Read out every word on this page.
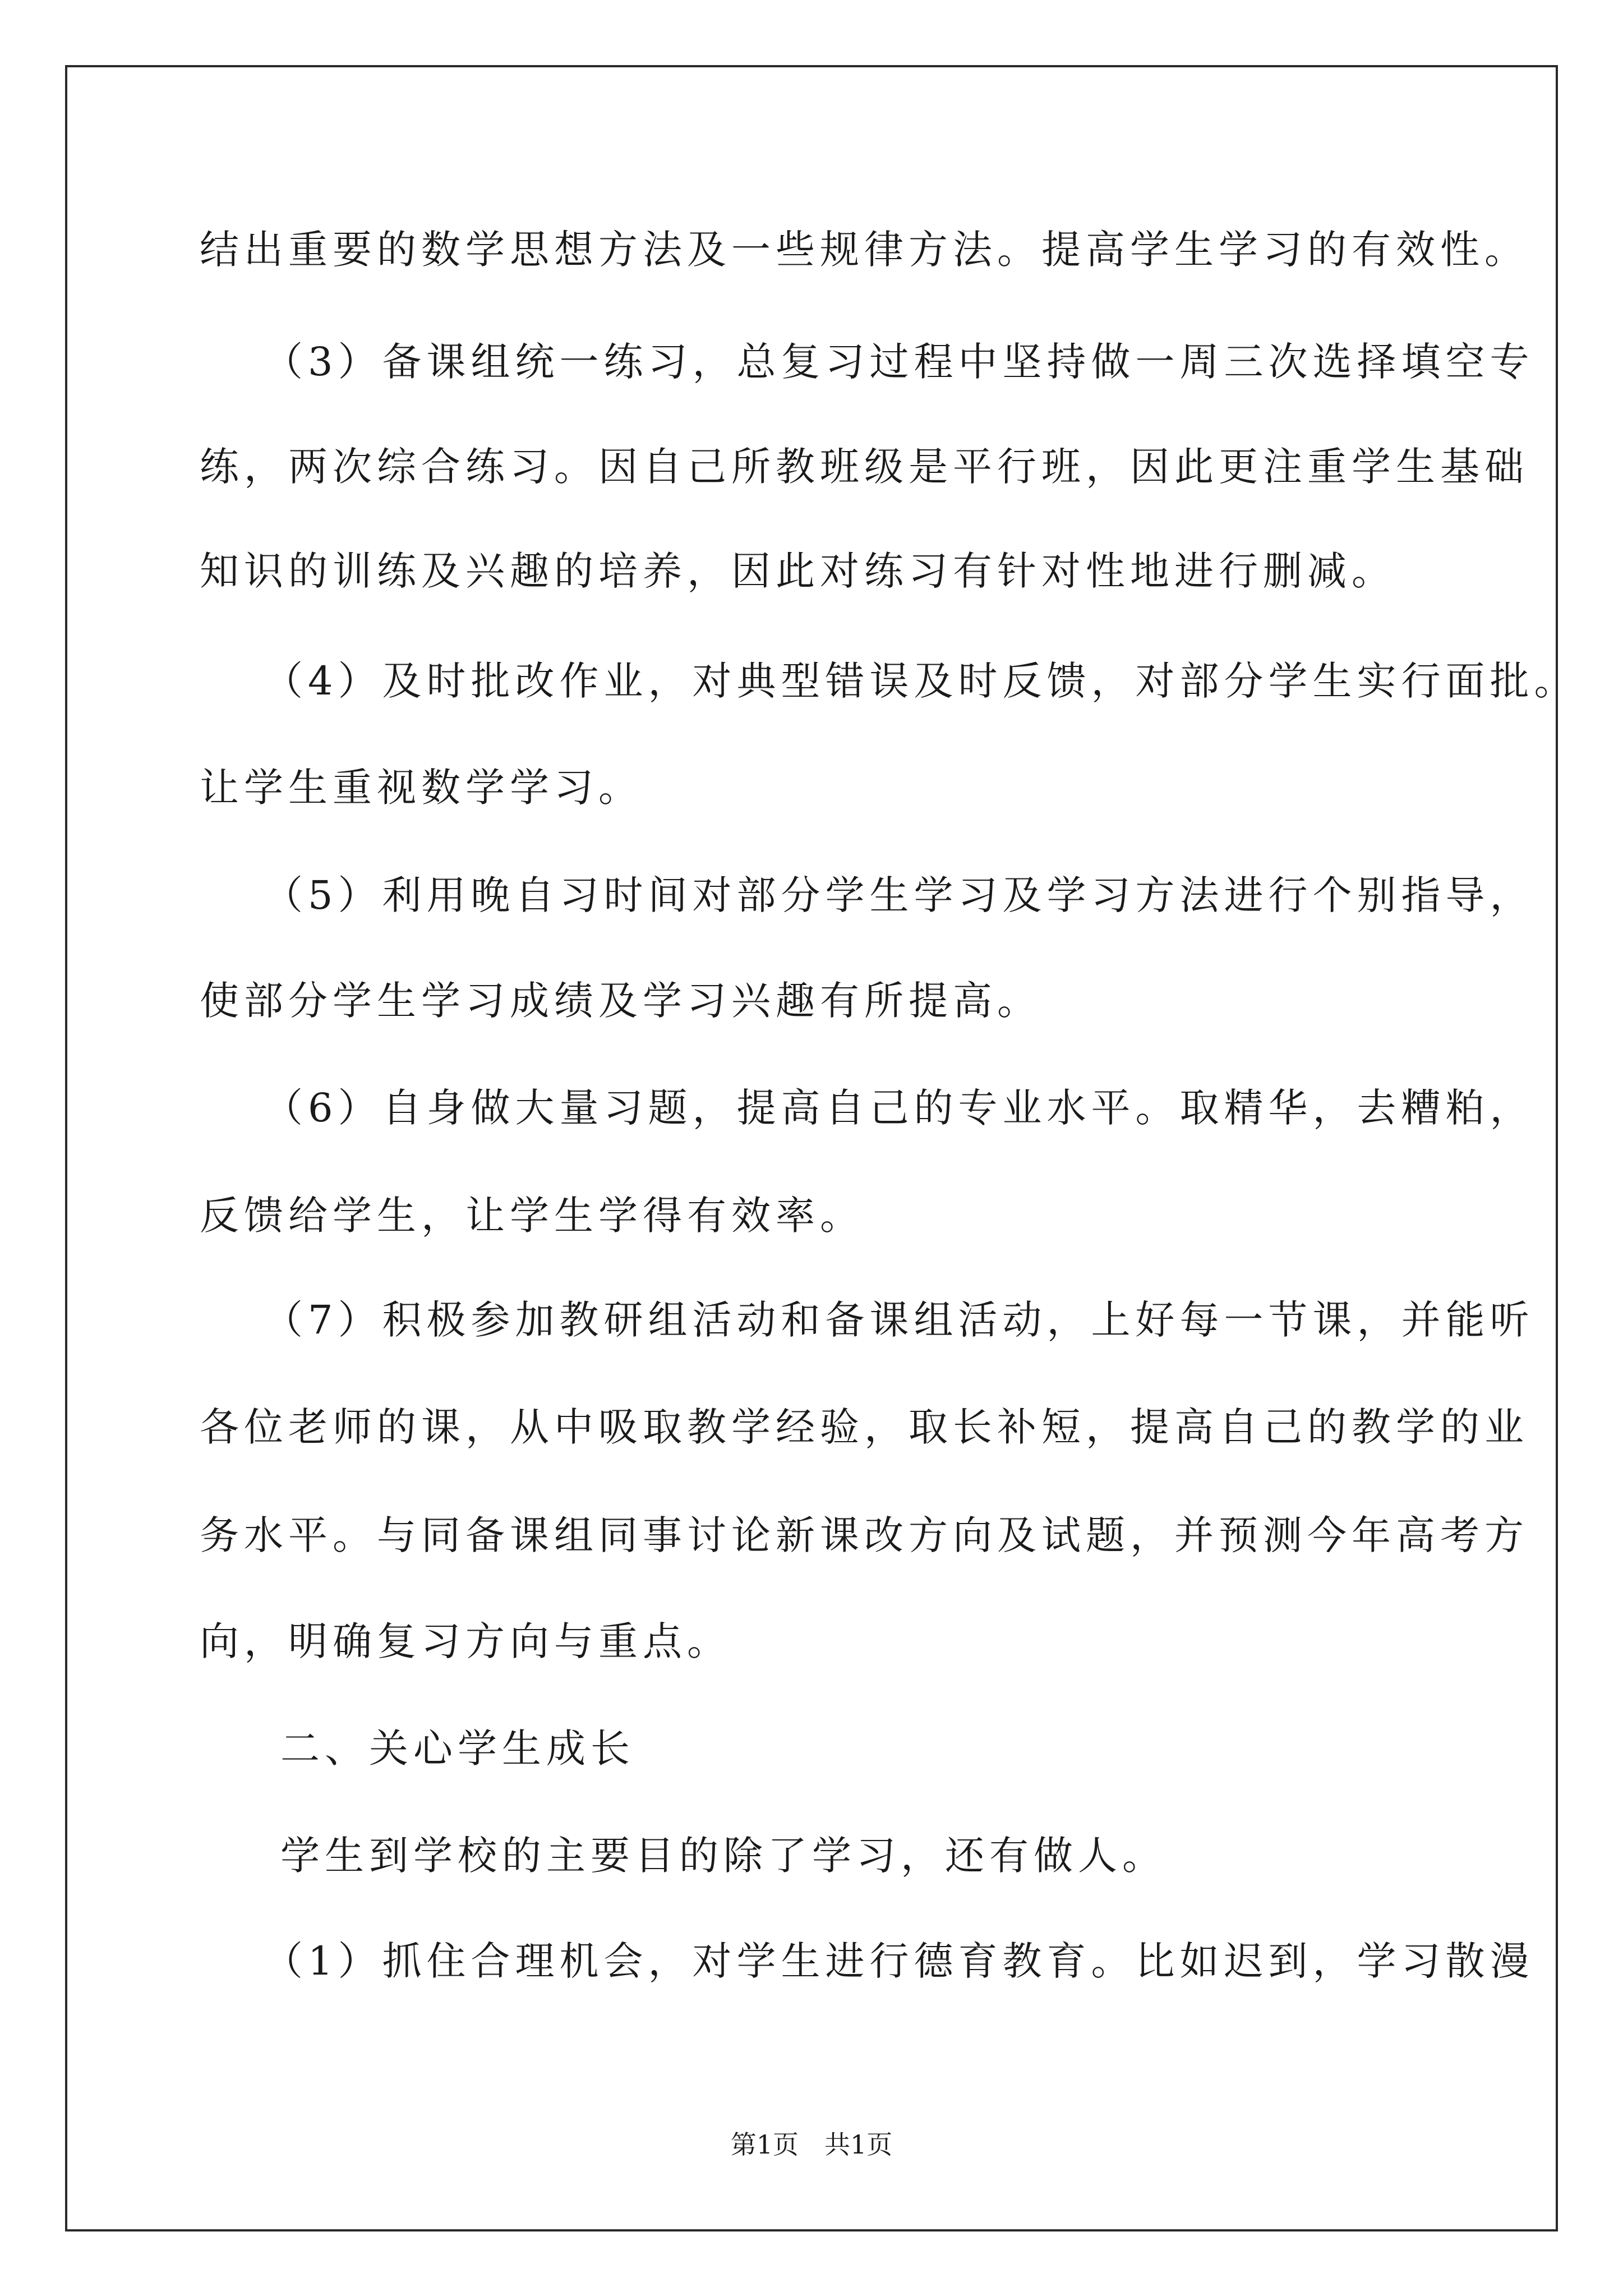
结出重要的数学思想方法及一些规律方法。提高学生学习的有效性。
（3）备课组统一练习，总复习过程中坚持做一周三次选择填空专
练，两次综合练习。因自己所教班级是平行班，因此更注重学生基础
知识的训练及兴趣的培养，因此对练习有针对性地进行删减。
（4）及时批改作业，对典型错误及时反馈，对部分学生实行面批。
让学生重视数学学习。
（5）利用晚自习时间对部分学生学习及学习方法进行个别指导，
使部分学生学习成绩及学习兴趣有所提高。
（6）自身做大量习题，提高自己的专业水平。取精华，去糟粕，
反馈给学生，让学生学得有效率。
（7）积极参加教研组活动和备课组活动，上好每一节课，并能听
各位老师的课，从中吸取教学经验，取长补短，提高自己的教学的业
务水平。与同备课组同事讨论新课改方向及试题，并预测今年高考方
向，明确复习方向与重点。
二、关心学生成长
学生到学校的主要目的除了学习，还有做人。
（1）抓住合理机会，对学生进行德育教育。比如迟到，学习散漫
第1页　共1页
